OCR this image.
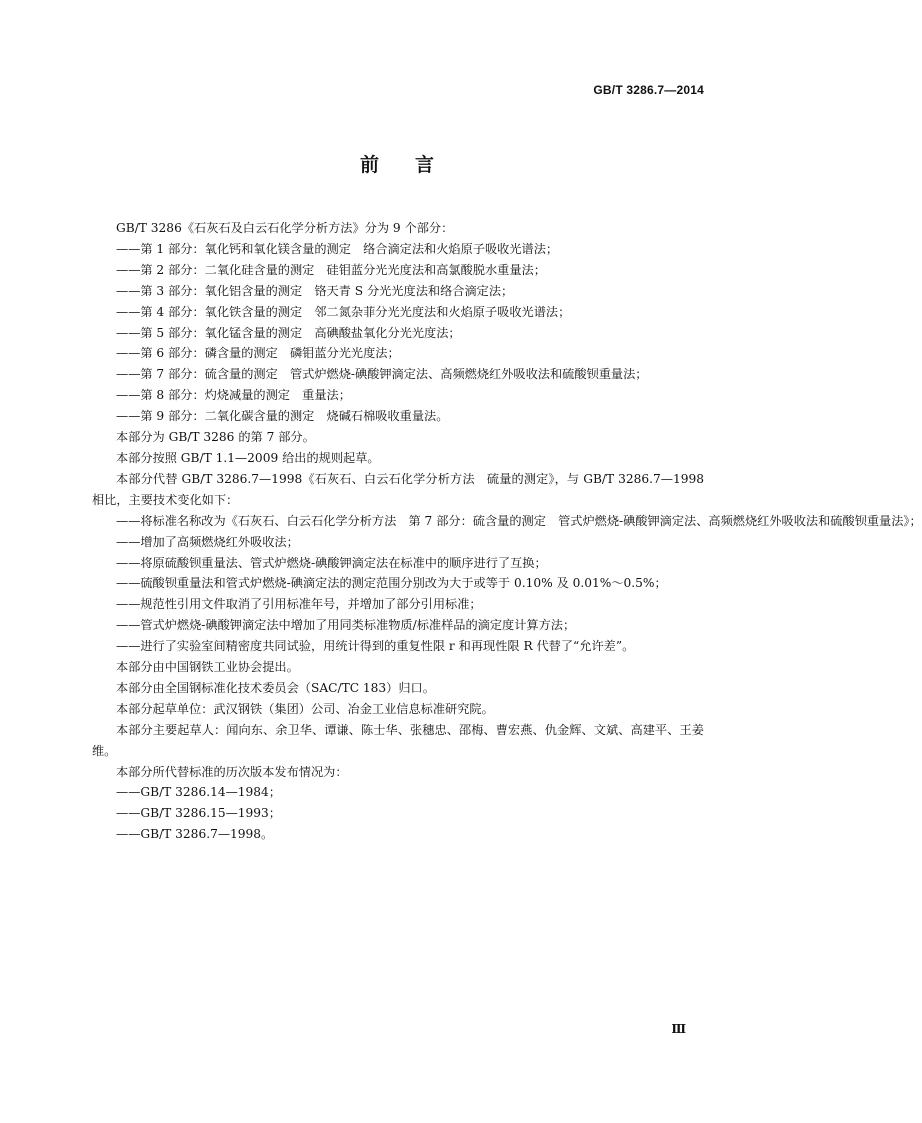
GB/T 3286.7—2014
前言

GB/T 3286《石灰石及白云石化学分析方法》分为 9 个部分：

——第 1 部分：氧化钙和氧化镁含量的测定　络合滴定法和火焰原子吸收光谱法；

——第 2 部分：二氧化硅含量的测定　硅钼蓝分光光度法和高氯酸脱水重量法；

——第 3 部分：氧化铝含量的测定　铬天青 S 分光光度法和络合滴定法；

——第 4 部分：氧化铁含量的测定　邻二氮杂菲分光光度法和火焰原子吸收光谱法；

——第 5 部分：氧化锰含量的测定　高碘酸盐氧化分光光度法；

——第 6 部分：磷含量的测定　磷钼蓝分光光度法；

——第 7 部分：硫含量的测定　管式炉燃烧-碘酸钾滴定法、高频燃烧红外吸收法和硫酸钡重量法；

——第 8 部分：灼烧减量的测定　重量法；

——第 9 部分：二氧化碳含量的测定　烧碱石棉吸收重量法。

本部分为 GB/T 3286 的第 7 部分。

本部分按照 GB/T 1.1—2009 给出的规则起草。

本部分代替 GB/T 3286.7—1998《石灰石、白云石化学分析方法　硫量的测定》，与 GB/T 3286.7—1998 相比，主要技术变化如下：

——将标准名称改为《石灰石、白云石化学分析方法　第 7 部分：硫含量的测定　管式炉燃烧-碘酸钾滴定法、高频燃烧红外吸收法和硫酸钡重量法》；

——增加了高频燃烧红外吸收法；

——将原硫酸钡重量法、管式炉燃烧-碘酸钾滴定法在标准中的顺序进行了互换；

——硫酸钡重量法和管式炉燃烧-碘滴定法的测定范围分别改为大于或等于 0.10% 及 0.01%～0.5%；

——规范性引用文件取消了引用标准年号，并增加了部分引用标准；

——管式炉燃烧-碘酸钾滴定法中增加了用同类标准物质/标准样品的滴定度计算方法；

——进行了实验室间精密度共同试验，用统计得到的重复性限 r 和再现性限 R 代替了“允许差”。

本部分由中国钢铁工业协会提出。

本部分由全国钢标准化技术委员会（SAC/TC 183）归口。

本部分起草单位：武汉钢铁（集团）公司、冶金工业信息标准研究院。

本部分主要起草人：闻向东、余卫华、谭谦、陈士华、张穗忠、邵梅、曹宏燕、仇金辉、文斌、高建平、王姜维。

本部分所代替标准的历次版本发布情况为：

——GB/T 3286.14—1984；

——GB/T 3286.15—1993；

——GB/T 3286.7—1998。

Ⅲ
